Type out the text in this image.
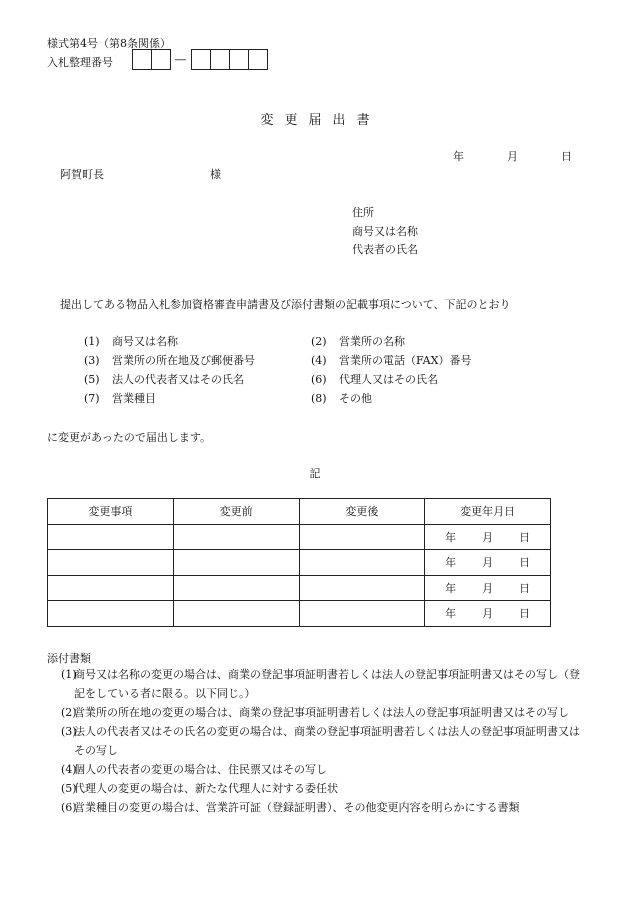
様式第4号（第8条関係）
入札整理番号	―
変更届出書
年	月	日
阿賀町長	様
住所
商号又は名称
代表者の氏名
提出してある物品入札参加資格審査申請書及び添付書類の記載事項について、下記のとおり
(1) 商号又は名称	(2) 営業所の名称
(3) 営業所の所在地及び郵便番号	(4) 営業所の電話（FAX）番号
(5) 法人の代表者又はその氏名	(6) 代理人又はその氏名
(7) 営業種目	(8) その他
に変更があったので届出します。
記
変更事項	変更前	変更後	変更年月日
			年 月 日
			年 月 日
			年 月 日
			年 月 日
添付書類
(1)
商号又は名称の変更の場合は、商業の登記事項証明書若しくは法人の登記事項証明書又はその写し（登記をしている者に限る。以下同じ。）
(2)
営業所の所在地の変更の場合は、商業の登記事項証明書若しくは法人の登記事項証明書又はその写し
(3)
法人の代表者又はその氏名の変更の場合は、商業の登記事項証明書若しくは法人の登記事項証明書又はその写し
(4)
個人の代表者の変更の場合は、住民票又はその写し
(5)
代理人の変更の場合は、新たな代理人に対する委任状
(6)
営業種目の変更の場合は、営業許可証（登録証明書）、その他変更内容を明らかにする書類
